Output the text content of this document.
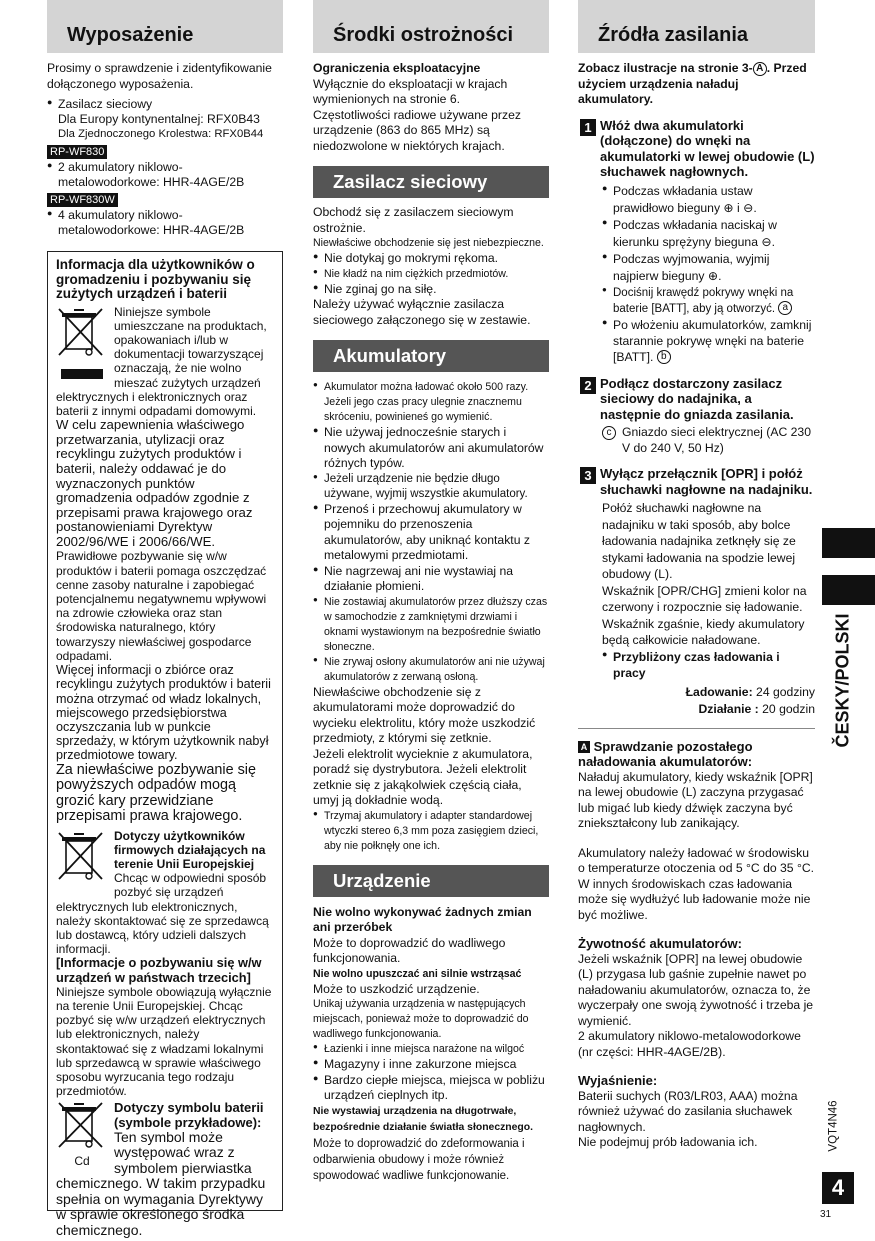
Wyposażenie

Prosimy o sprawdzenie i zidentyfikowanie dołączonego wyposażenia.

● Zasilacz sieciowy
Dla Europy kontynentalnej: RFX0B43
Dla Zjednoczonego Krolestwa: RFX0B44
RP-WF830

● 2 akumulatory niklowo-metalowodorkowe: HHR-4AGE/2B

RP-WF830W

● 4 akumulatory niklowo-metalowodorkowe: HHR-4AGE/2B

Informacja dla użytkowników o gromadzeniu i pozbywaniu się zużytych urządzeń i baterii
Niniejsze symbole umieszczane na produktach, opakowaniach i/lub w dokumentacji towarzyszącej oznaczają, że nie wolno mieszać zużytych urządzeń elektrycznych i elektronicznych oraz baterii z innymi odpadami domowymi.
W celu zapewnienia właściwego przetwarzania, utylizacji oraz recyklingu zużytych produktów i baterii, należy oddawać je do wyznaczonych punktów gromadzenia odpadów zgodnie z przepisami prawa krajowego oraz postanowieniami Dyrektyw 2002/96/WE i 2006/66/WE.
Prawidłowe pozbywanie się w/w produktów i baterii pomaga oszczędzać cenne zasoby naturalne i zapobiegać potencjalnemu negatywnemu wpływowi na zdrowie człowieka oraz stan środowiska naturalnego, który towarzyszy niewłaściwej gospodarce odpadami.
Więcej informacji o zbiórce oraz recyklingu zużytych produktów i baterii można otrzymać od władz lokalnych, miejscowego przedsiębiorstwa oczyszczania lub w punkcie sprzedaży, w którym użytkownik nabył przedmiotowe towary.
Za niewłaściwe pozbywanie się powyższych odpadów mogą grozić kary przewidziane przepisami prawa krajowego.
Dotyczy użytkowników firmowych działających na terenie Unii Europejskiej
Chcąc w odpowiedni sposób pozbyć się urządzeń elektrycznych lub elektronicznych, należy skontaktować się ze sprzedawcą lub dostawcą, który udzieli dalszych informacji.
[Informacje o pozbywaniu się w/w urządzeń w państwach trzecich]
Niniejsze symbole obowiązują wyłącznie na terenie Unii Europejskiej. Chcąc pozbyć się w/w urządzeń elektrycznych lub elektronicznych, należy skontaktować się z władzami lokalnymi lub sprzedawcą w sprawie właściwego sposobu wyrzucania tego rodzaju przedmiotów.
Cd
Dotyczy symbolu baterii (symbole przykładowe):
Ten symbol może występować wraz z symbolem pierwiastka chemicznego. W takim przypadku spełnia on wymagania Dyrektywy w sprawie określonego środka chemicznego.
Środki ostrożności

Ograniczenia eksploatacyjne

Wyłącznie do eksploatacji w krajach wymienionych na stronie 6.

Częstotliwości radiowe używane przez urządzenie (863 do 865 MHz) są niedozwolone w niektórych krajach.

Zasilacz sieciowy

Obchodź się z zasilaczem sieciowym ostrożnie.

Niewłaściwe obchodzenie się jest niebezpieczne.

● Nie dotykaj go mokrymi rękoma.

● Nie kładź na nim ciężkich przedmiotów.

● Nie zginaj go na siłę.

Należy używać wyłącznie zasilacza sieciowego załączonego się w zestawie.

Akumulatory

● Akumulator można ładować około 500 razy. Jeżeli jego czas pracy ulegnie znacznemu skróceniu, powinieneś go wymienić.

● Nie używaj jednocześnie starych i nowych akumulatorów ani akumulatorów różnych typów.

● Jeżeli urządzenie nie będzie długo używane, wyjmij wszystkie akumulatory.

● Przenoś i przechowuj akumulatory w pojemniku do przenoszenia akumulatorów, aby uniknąć kontaktu z metalowymi przedmiotami.

● Nie nagrzewaj ani nie wystawiaj na działanie płomieni.

● Nie zostawiaj akumulatorów przez dłuższy czas w samochodzie z zamkniętymi drzwiami i oknami wystawionym na bezpośrednie światło słoneczne.

● Nie zrywaj osłony akumulatorów ani nie używaj akumulatorów z zerwaną osłoną.

Niewłaściwe obchodzenie się z akumulatorami może doprowadzić do wycieku elektrolitu, który może uszkodzić przedmioty, z którymi się zetknie.

Jeżeli elektrolit wycieknie z akumulatora, poradź się dystrybutora. Jeżeli elektrolit zetknie się z jakąkolwiek częścią ciała, umyj ją dokładnie wodą.

● Trzymaj akumulatory i adapter standardowej wtyczki stereo 6,3 mm poza zasięgiem dzieci, aby nie połknęły one ich.

Urządzenie

Nie wolno wykonywać żadnych zmian ani przeróbek

Może to doprowadzić do wadliwego funkcjonowania.

Nie wolno upuszczać ani silnie wstrząsać

Może to uszkodzić urządzenie.

Unikaj używania urządzenia w następujących miejscach, ponieważ może to doprowadzić do wadliwego funkcjonowania.

● Łazienki i inne miejsca narażone na wilgoć

● Magazyny i inne zakurzone miejsca

● Bardzo ciepłe miejsca, miejsca w pobliżu urządzeń cieplnych itp.

Nie wystawiaj urządzenia na długotrwałe, bezpośrednie działanie światła słonecznego.

Może to doprowadzić do zdeformowania i odbarwienia obudowy i może również spowodować wadliwe funkcjonowanie.

Źródła zasilania

Zobacz ilustracje na stronie 3- A . Przed użyciem urządzenia naładuj akumulatory.

1 Włóż dwa akumulatorki (dołączone) do wnęki na akumulatorki w lewej obudowie (L) słuchawek nagłownych.

● Podczas wkładania ustaw prawidłowo bieguny ⊕ i ⊖.

● Podczas wkładania naciskaj w kierunku sprężyny bieguna ⊖.

● Podczas wyjmowania, wyjmij najpierw bieguny ⊕.

● Dociśnij krawędź pokrywy wnęki na baterie [BATT], aby ją otworzyć. a

● Po włożeniu akumulatorków, zamknij starannie pokrywę wnęki na baterie [BATT]. b

2 Podłącz dostarczony zasilacz sieciowy do nadajnika, a następnie do gniazda zasilania.
c Gniazdo sieci elektrycznej (AC 230 V do 240 V, 50 Hz)

3 Wyłącz przełącznik [OPR] i połóż słuchawki nagłowne na nadajniku.

Połóż słuchawki nagłowne na nadajniku w taki sposób, aby bolce ładowania nadajnika zetknęły się ze stykami ładowania na spodzie lewej obudowy (L).

Wskaźnik [OPR/CHG] zmieni kolor na czerwony i rozpocznie się ładowanie.

Wskaźnik zgaśnie, kiedy akumulatory będą całkowicie naładowane.

● Przybliżony czas ładowania i pracy

Ładowanie: 24 godziny

Działanie : 20 godzin

A Sprawdzanie pozostałego naładowania akumulatorów:

Naładuj akumulatory, kiedy wskaźnik [OPR] na lewej obudowie (L) zaczyna przygasać lub migać lub kiedy dźwięk zaczyna być zniekształcony lub zanikający.

Akumulatory należy ładować w środowisku o temperaturze otoczenia od 5 °C do 35 °C. W innych środowiskach czas ładowania może się wydłużyć lub ładowanie może nie być możliwe.

Żywotność akumulatorów:

Jeżeli wskaźnik [OPR] na lewej obudowie (L) przygasa lub gaśnie zupełnie nawet po naładowaniu akumulatorów, oznacza to, że wyczerpały one swoją żywotność i trzeba je wymienić.

2 akumulatory niklowo-metalowodorkowe (nr części: HHR-4AGE/2B).

Wyjaśnienie:

Baterii suchych (R03/LR03, AAA) można również używać do zasilania słuchawek nagłownych.

Nie podejmuj prób ładowania ich.

ČESKY/POLSKI
VQT4N46
4
31
